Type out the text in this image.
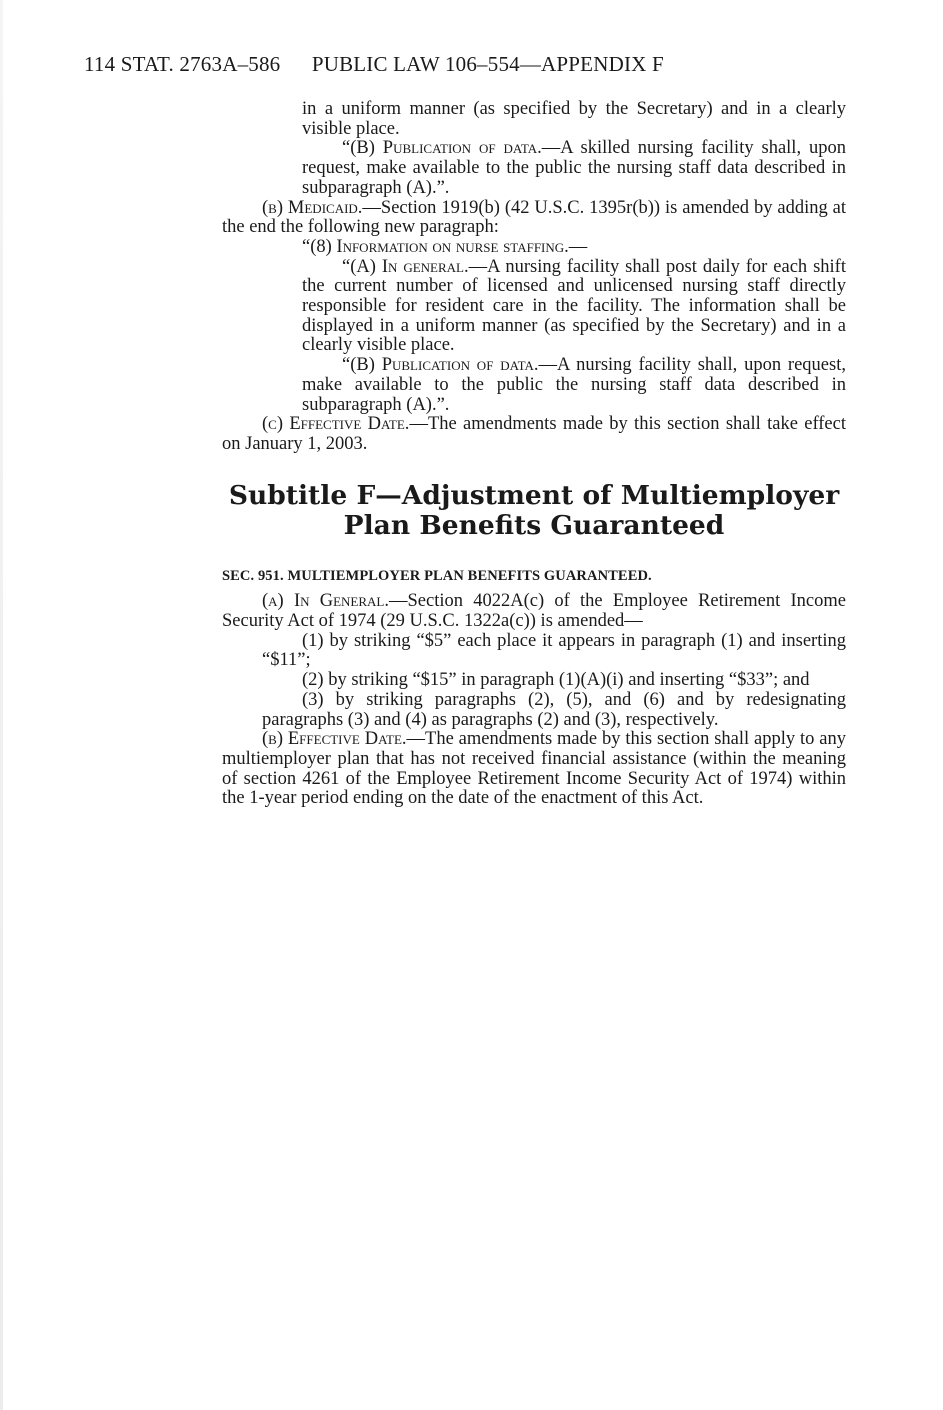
114 STAT. 2763A–586 PUBLIC LAW 106–554—APPENDIX F

in a uniform manner (as specified by the Secretary) and in a clearly visible place.

“(B) Publication of data.—A skilled nursing facility shall, upon request, make available to the public the nursing staff data described in subparagraph (A).”.

(b) Medicaid.—Section 1919(b) (42 U.S.C. 1395r(b)) is amended by adding at the end the following new paragraph:

“(8) Information on nurse staffing.—

“(A) In general.—A nursing facility shall post daily for each shift the current number of licensed and unlicensed nursing staff directly responsible for resident care in the facility. The information shall be displayed in a uniform manner (as specified by the Secretary) and in a clearly visible place.

“(B) Publication of data.—A nursing facility shall, upon request, make available to the public the nursing staff data described in subparagraph (A).”.

(c) Effective Date.—The amendments made by this section shall take effect on January 1, 2003.

Subtitle F—Adjustment of Multiemployer
Plan Benefits Guaranteed
SEC. 951. MULTIEMPLOYER PLAN BENEFITS GUARANTEED.

(a) In General.—Section 4022A(c) of the Employee Retirement Income Security Act of 1974 (29 U.S.C. 1322a(c)) is amended—

(1) by striking “$5” each place it appears in paragraph (1) and inserting “$11”;

(2) by striking “$15” in paragraph (1)(A)(i) and inserting “$33”; and

(3) by striking paragraphs (2), (5), and (6) and by redesignating paragraphs (3) and (4) as paragraphs (2) and (3), respectively.

(b) Effective Date.—The amendments made by this section shall apply to any multiemployer plan that has not received financial assistance (within the meaning of section 4261 of the Employee Retirement Income Security Act of 1974) within the 1-year period ending on the date of the enactment of this Act.
